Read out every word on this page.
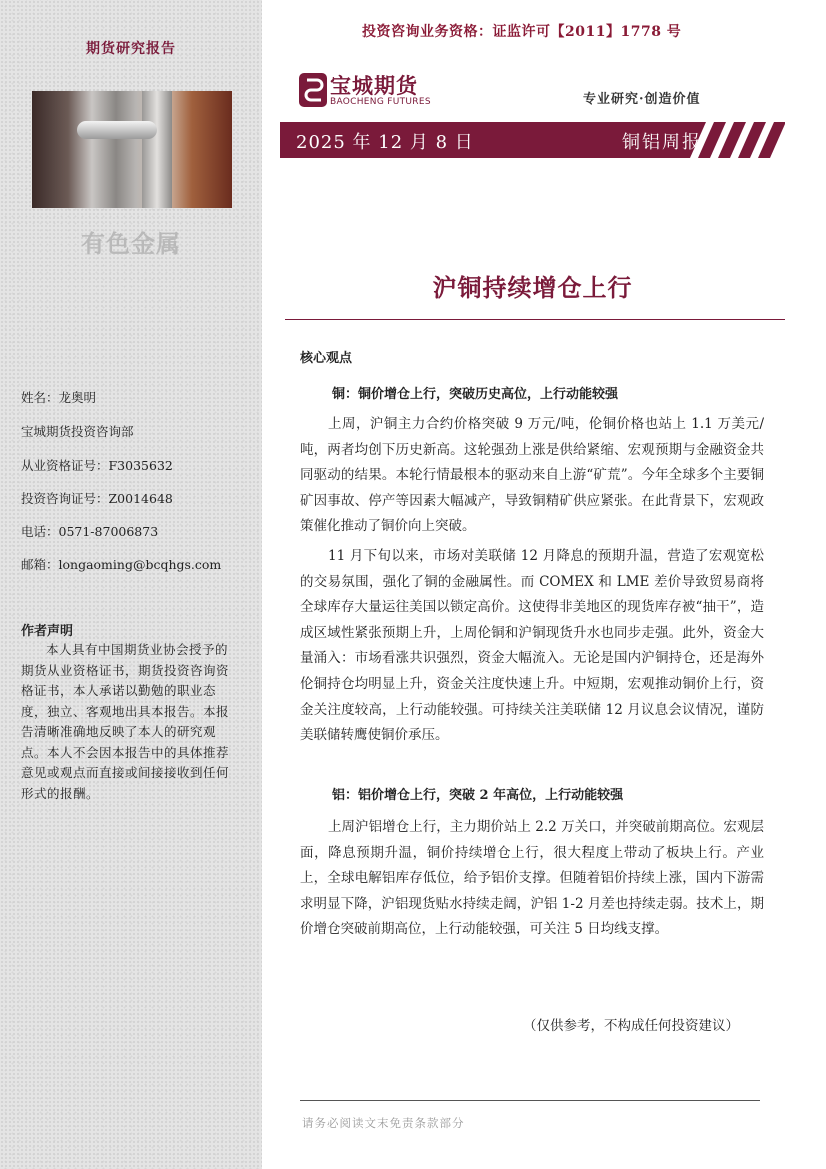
期货研究报告
有色金属
姓名：龙奥明
宝城期货投资咨询部
从业资格证号：F3035632
投资咨询证号：Z0014648
电话：0571-87006873
邮箱：longaoming@bcqhgs.com
作者声明
本人具有中国期货业协会授予的期货从业资格证书，期货投资咨询资格证书，本人承诺以勤勉的职业态度，独立、客观地出具本报告。本报告清晰准确地反映了本人的研究观点。本人不会因本报告中的具体推荐意见或观点而直接或间接接收到任何形式的报酬。
投资咨询业务资格：证监许可【2011】1778 号
宝城期货
BAOCHENG FUTURES	专业研究·创造价值
2025 年 12 月 8 日	铜铝周报
沪铜持续增仓上行
核心观点
铜：铜价增仓上行，突破历史高位，上行动能较强
上周，沪铜主力合约价格突破 9 万元/吨，伦铜价格也站上 1.1 万美元/吨，两者均创下历史新高。这轮强劲上涨是供给紧缩、宏观预期与金融资金共同驱动的结果。本轮行情最根本的驱动来自上游“矿荒”。今年全球多个主要铜矿因事故、停产等因素大幅减产，导致铜精矿供应紧张。在此背景下，宏观政策催化推动了铜价向上突破。
11 月下旬以来，市场对美联储 12 月降息的预期升温，营造了宏观宽松的交易氛围，强化了铜的金融属性。而 COMEX 和 LME 差价导致贸易商将全球库存大量运往美国以锁定高价。这使得非美地区的现货库存被“抽干”，造成区域性紧张预期上升，上周伦铜和沪铜现货升水也同步走强。此外，资金大量涌入：市场看涨共识强烈，资金大幅流入。无论是国内沪铜持仓，还是海外伦铜持仓均明显上升，资金关注度快速上升。中短期，宏观推动铜价上行，资金关注度较高，上行动能较强。可持续关注美联储 12 月议息会议情况，谨防美联储转鹰使铜价承压。
铝：铝价增仓上行，突破 2 年高位，上行动能较强
上周沪铝增仓上行，主力期价站上 2.2 万关口，并突破前期高位。宏观层面，降息预期升温，铜价持续增仓上行，很大程度上带动了板块上行。产业上，全球电解铝库存低位，给予铝价支撑。但随着铝价持续上涨，国内下游需求明显下降，沪铝现货贴水持续走阔，沪铝 1-2 月差也持续走弱。技术上，期价增仓突破前期高位，上行动能较强，可关注 5 日均线支撑。
（仅供参考，不构成任何投资建议）
请务必阅读文末免责条款部分
